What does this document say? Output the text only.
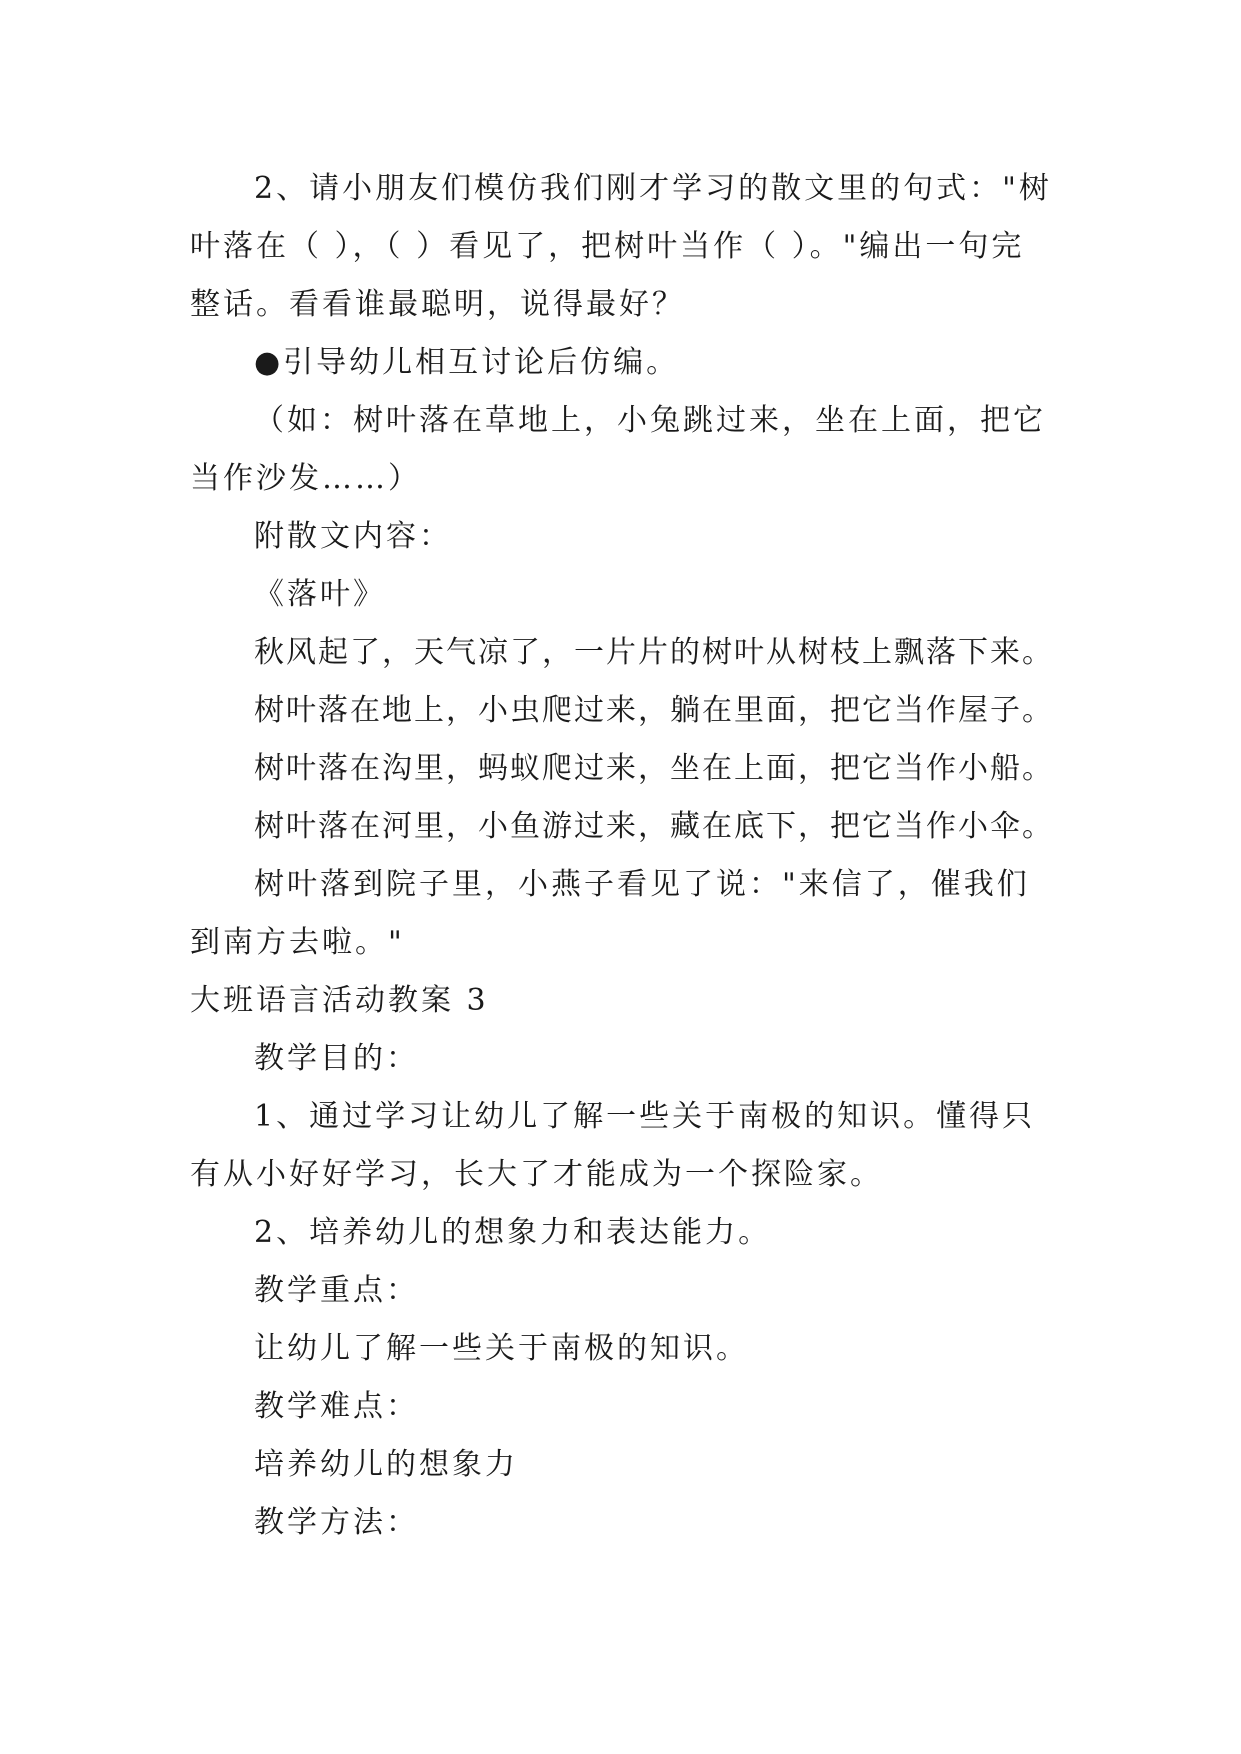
2、请小朋友们模仿我们刚才学习的散文里的句式："树叶落在（ ），（ ）看见了，把树叶当作（ ）。"编出一句完整话。看看谁最聪明，说得最好？

●引导幼儿相互讨论后仿编。

（如：树叶落在草地上，小兔跳过来，坐在上面，把它当作沙发……）

附散文内容：

《落叶》

秋风起了，天气凉了，一片片的树叶从树枝上飘落下来。

树叶落在地上，小虫爬过来，躺在里面，把它当作屋子。

树叶落在沟里，蚂蚁爬过来，坐在上面，把它当作小船。

树叶落在河里，小鱼游过来，藏在底下，把它当作小伞。

树叶落到院子里，小燕子看见了说："来信了，催我们到南方去啦。"

大班语言活动教案 3

教学目的：

1、通过学习让幼儿了解一些关于南极的知识。懂得只有从小好好学习，长大了才能成为一个探险家。

2、培养幼儿的想象力和表达能力。

教学重点：

让幼儿了解一些关于南极的知识。

教学难点：

培养幼儿的想象力

教学方法：
